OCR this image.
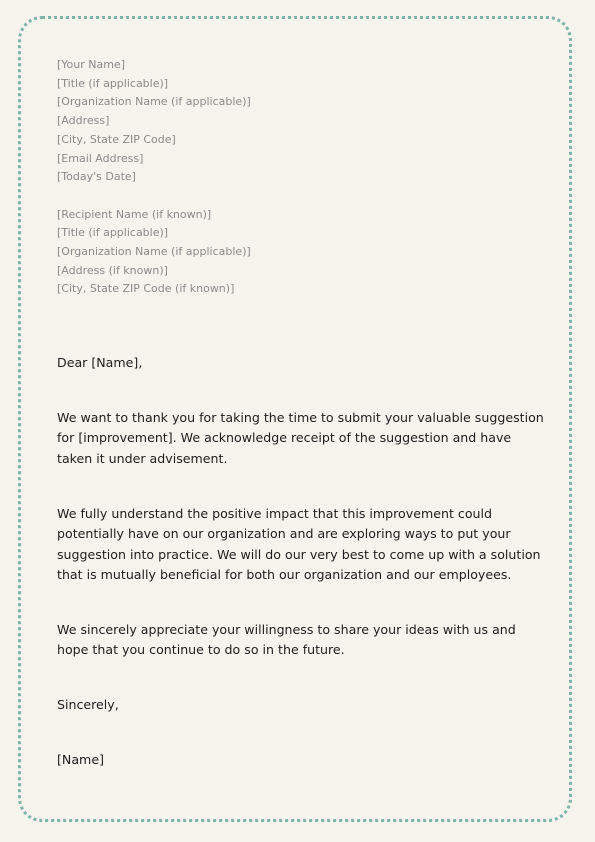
[Your Name]
[Title (if applicable)]
[Organization Name (if applicable)]
[Address]
[City, State ZIP Code]
[Email Address]
[Today's Date]
[Recipient Name (if known)]
[Title (if applicable)]
[Organization Name (if applicable)]
[Address (if known)]
[City, State ZIP Code (if known)]
Dear [Name],
We want to thank you for taking the time to submit your valuable suggestion for [improvement]. We acknowledge receipt of the suggestion and have taken it under advisement.
We fully understand the positive impact that this improvement could potentially have on our organization and are exploring ways to put your suggestion into practice. We will do our very best to come up with a solution that is mutually beneficial for both our organization and our employees.
We sincerely appreciate your willingness to share your ideas with us and hope that you continue to do so in the future.
Sincerely,
[Name]
